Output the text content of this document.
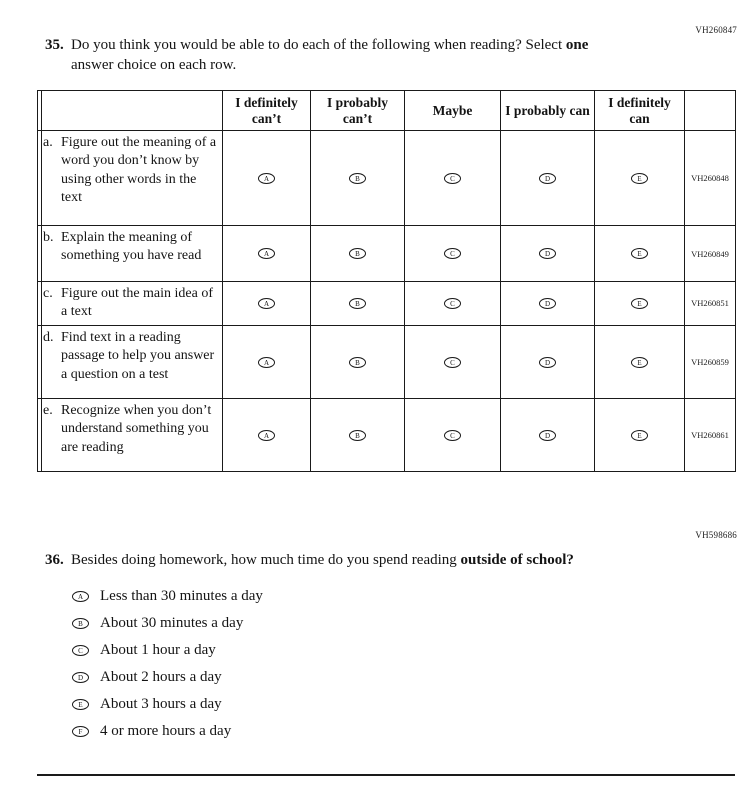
VH260847
35. Do you think you would be able to do each of the following when reading? Select one
answer choice on each row.
	I definitely can’t	I probably can’t	Maybe	I probably can	I definitely can	

a. Figure out the meaning of a word you don’t know by using other words in the text	A	B	C	D	E	VH260848

b. Explain the meaning of something you have read	A	B	C	D	E	VH260849

c. Figure out the main idea of a text	A	B	C	D	E	VH260851

d. Find text in a reading passage to help you answer a question on a test	A	B	C	D	E	VH260859

e. Recognize when you don’t understand something you are reading	A	B	C	D	E	VH260861
VH598686
36. Besides doing homework, how much time do you spend reading outside of school?
A	Less than 30 minutes a day
B	About 30 minutes a day
C	About 1 hour a day
D	About 2 hours a day
E	About 3 hours a day
F	4 or more hours a day
